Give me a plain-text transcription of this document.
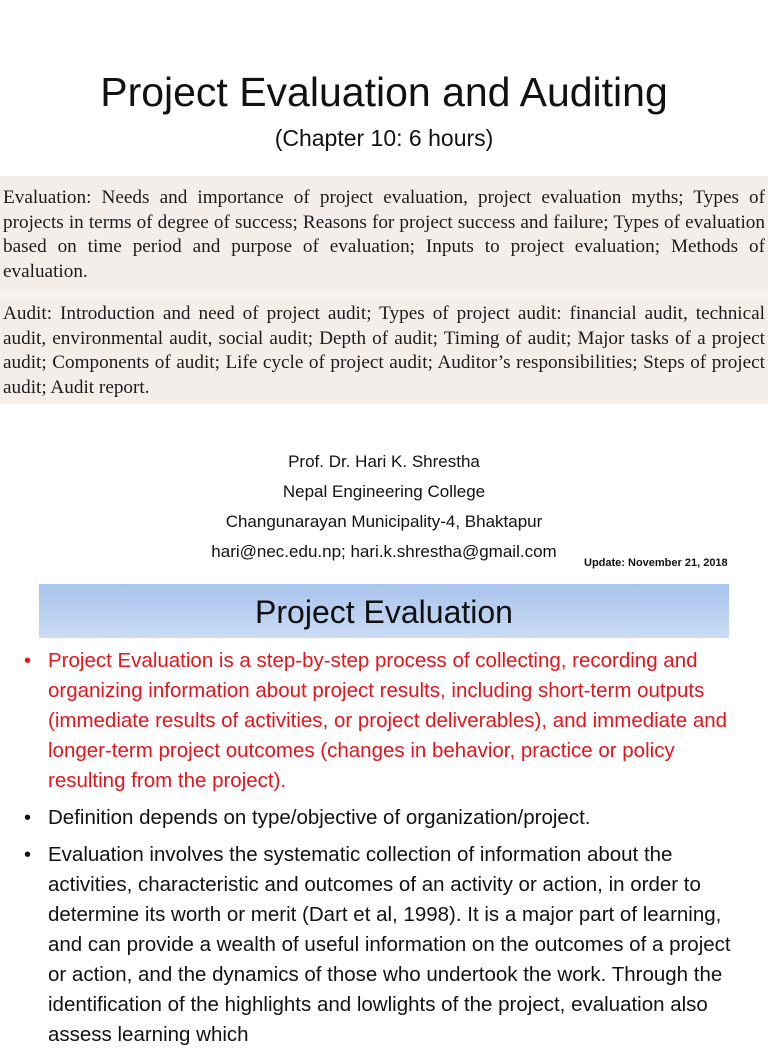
Project Evaluation and Auditing
(Chapter 10: 6 hours)

Evaluation: Needs and importance of project evaluation, project evaluation myths; Types of projects in terms of degree of success; Reasons for project success and failure; Types of evaluation based on time period and purpose of evaluation; Inputs to project evaluation; Methods of evaluation.

Audit: Introduction and need of project audit; Types of project audit: financial audit, technical audit, environmental audit, social audit; Depth of audit; Timing of audit; Major tasks of a project audit; Components of audit; Life cycle of project audit; Auditor’s responsibilities; Steps of project audit; Audit report.

Prof. Dr. Hari K. Shrestha
Nepal Engineering College
Changunarayan Municipality-4, Bhaktapur
hari@nec.edu.np; hari.k.shrestha@gmail.com
Update: November 21, 2018
Project Evaluation
• Project Evaluation is a step-by-step process of collecting, recording and organizing information about project results, including short-term outputs (immediate results of activities, or project deliverables), and immediate and longer-term project outcomes (changes in behavior, practice or policy resulting from the project).
• Definition depends on type/objective of organization/project.
• Evaluation involves the systematic collection of information about the activities, characteristic and outcomes of an activity or action, in order to determine its worth or merit (Dart et al, 1998). It is a major part of learning, and can provide a wealth of useful information on the outcomes of a project or action, and the dynamics of those who undertook the work. Through the identification of the highlights and lowlights of the project, evaluation also assess learning which
